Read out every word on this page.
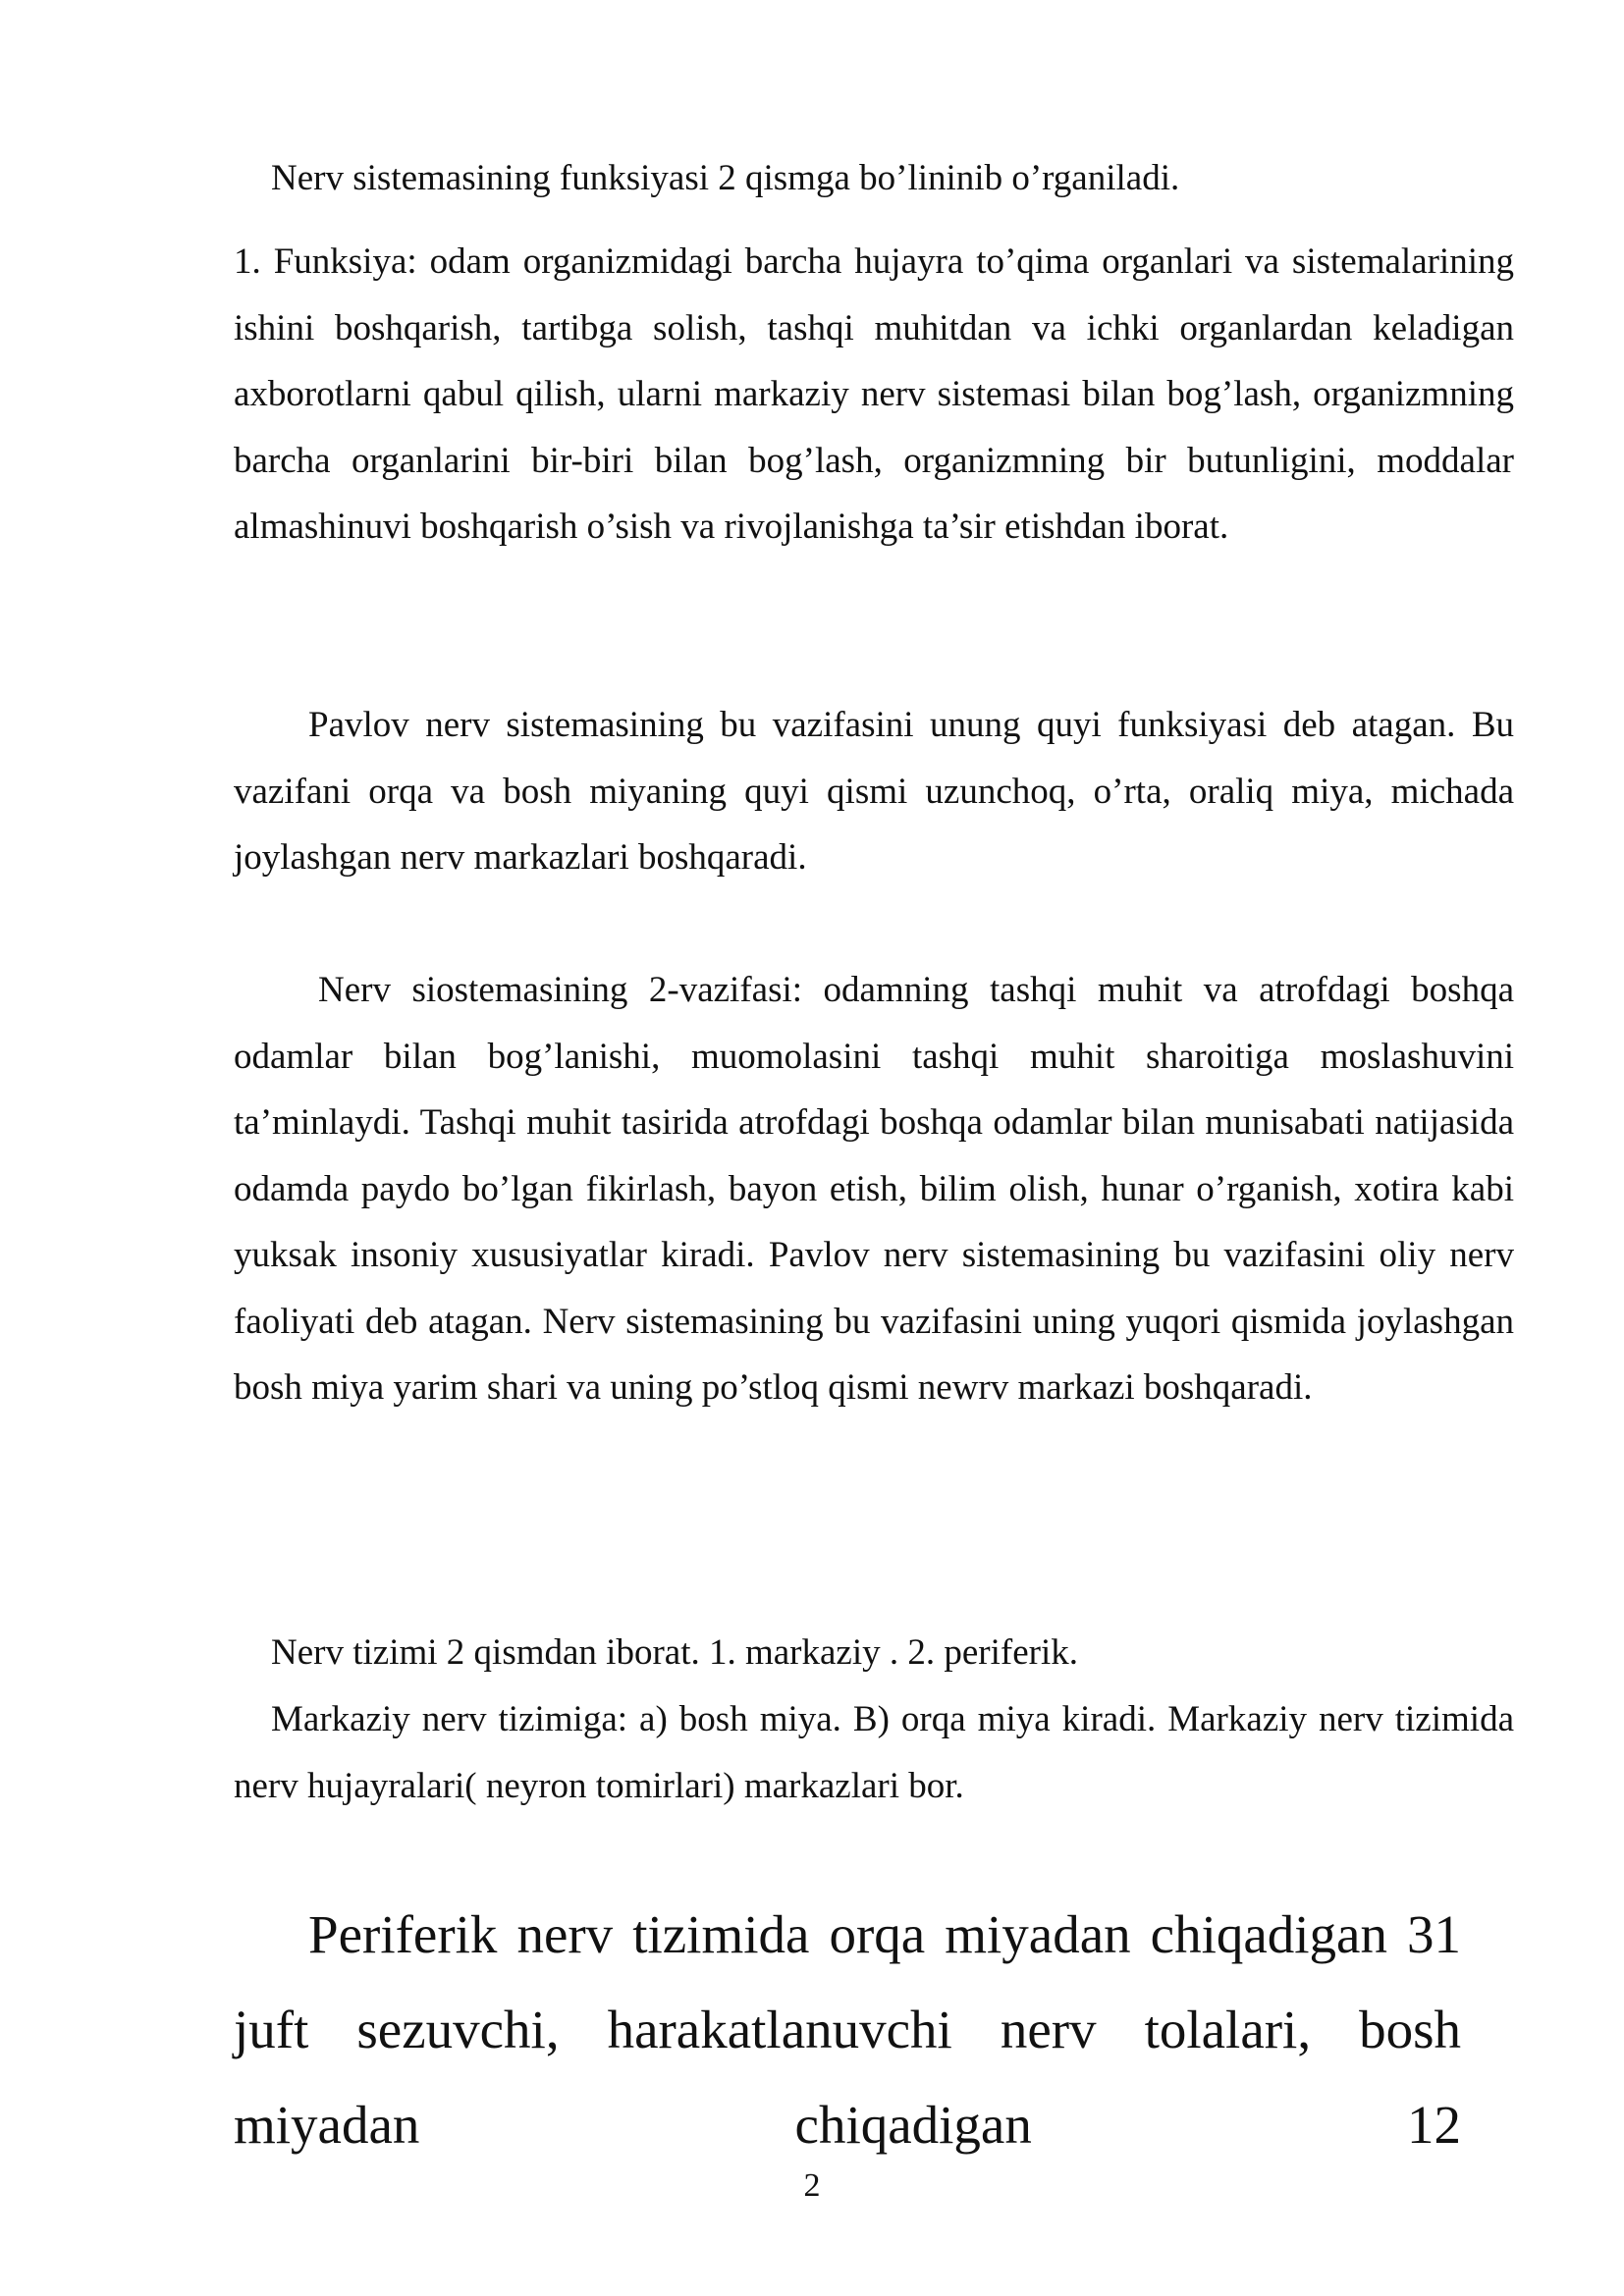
Nerv sistemasining funksiyasi 2 qismga bo’lininib o’rganiladi.

1. Funksiya: odam organizmidagi barcha hujayra to’qima organlari va sistemalarining ishini boshqarish, tartibga solish, tashqi muhitdan va ichki organlardan keladigan axborotlarni qabul qilish, ularni markaziy nerv sistemasi bilan bog’lash, organizmning barcha organlarini bir-biri bilan bog’lash, organizmning bir butunligini, moddalar almashinuvi boshqarish o’sish va rivojlanishga ta’sir etishdan iborat.

Pavlov nerv sistemasining bu vazifasini unung quyi funksiyasi deb atagan. Bu vazifani orqa va bosh miyaning quyi qismi uzunchoq, o’rta, oraliq miya, michada joylashgan nerv markazlari boshqaradi.

Nerv siostemasining 2-vazifasi: odamning tashqi muhit va atrofdagi boshqa odamlar bilan bog’lanishi, muomolasini tashqi muhit sharoitiga moslashuvini ta’minlaydi. Tashqi muhit tasirida atrofdagi boshqa odamlar bilan munisabati natijasida odamda paydo bo’lgan fikirlash, bayon etish, bilim olish, hunar o’rganish, xotira kabi yuksak insoniy xususiyatlar kiradi. Pavlov nerv sistemasining bu vazifasini oliy nerv faoliyati deb atagan. Nerv sistemasining bu vazifasini uning yuqori qismida joylashgan bosh miya yarim shari va uning po’stloq qismi newrv markazi boshqaradi.

Nerv tizimi 2 qismdan iborat. 1. markaziy . 2. periferik.

Markaziy nerv tizimiga: a) bosh miya. B) orqa miya kiradi. Markaziy nerv tizimida nerv hujayralari( neyron tomirlari) markazlari bor.

Periferik nerv tizimida orqa miyadan chiqadigan 31 juft sezuvchi, harakatlanuvchi nerv tolalari, bosh miyadan chiqadigan 12

2
